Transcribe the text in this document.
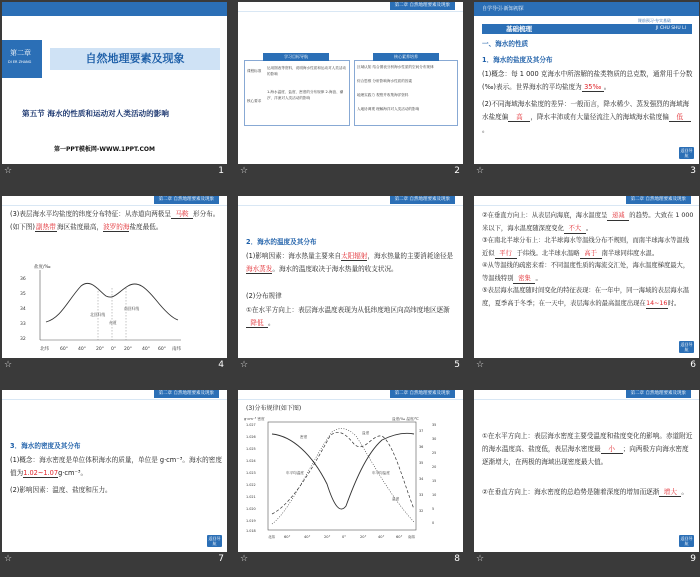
第二章
DI ER ZHANG	自然地理要素及现象
第五节 海水的性质和运动对人类活动的影响
第一PPT模板网-WWW.1PPT.COM
☆	1
第二章 自然地理要素及现象
学习目标导航
课程标准
运用图表等资料，说明海水性质和运动对人类活动的影响
核心要求
1.海水温度、盐度、密度的分布规律 2.海浪、潮汐、洋流对人类活动的影响
核心素养培养
区域认知 结合图表分析海水性质的空间分布规律
综合思维 分析影响海水性质的因素
地理实践力 观察并收集海洋资料
人地协调观 理解海洋对人类活动的影响
☆	2
自学导引·新知初探
课前预习·夯实基础
基础梳理	JI CHU SHU LI
一、海水的性质
1．海水的盐度及其分布
(1)概念：每 1 000 克海水中所溶解的盐类物质的总克数，通常用千分数(‰)表示。世界海水的平均盐度为 35‰ 。
(2)不同海域海水盐度的差异：一般而言，降水稀少、蒸发强烈的海域海水盐度偏 高 ，降水丰沛或有大量径流注入的海域海水盐度偏 低。
返回导航
☆	3
第二章 自然地理要素及现象
(3)表层海水平均盐度的纬度分布特征：从赤道向两极呈 马鞍 形分布。(如下图)副热带海区盐度最高，波罗的海盐度最低。
盐度/‰
36
35
34
33
32
北回归线
赤道
南回归线
北纬 60° 40° 20° 0° 20° 40° 60° 南纬
☆	4
第二章 自然地理要素及现象
2．海水的温度及其分布
(1)影响因素：海水热量主要来自太阳辐射，海水热量的主要消耗途径是海水蒸发。海水的温度取决于海水热量的收支状况。
(2)分布规律
①在水平方向上：表层海水温度表现为从低纬度地区向高纬度地区逐渐降低 。
☆	5
第二章 自然地理要素及现象
②在垂直方向上：从表层向海底，海水温度呈 递减 的趋势。大致在 1 000 米以下，海水温度随深度变化 不大 。
③在南北半球分布上：北半球海水等温线分布不规则，而南半球海水等温线近似 平行 于纬线。北半球水温略 高于 南半球同纬度水温。
④从等温线的疏密来看：不同温度性质的海流交汇处，海水温度梯度最大，等温线特别 密集 。
⑤表层海水温度随时间变化的特征表现：在一年中，同一海域的表层海水温度，夏季高于冬季；在一天中，表层海水的最高温度出现在14~16时。
返回导航
☆	6
第二章 自然地理要素及现象
3．海水的密度及其分布
(1)概念：海水密度是单位体积海水的质量，单位是 g·cm⁻³。海水的密度值为1.02~1.07g·cm⁻³。
(2)影响因素：温度、盐度和压力。
返回导航
☆	7
第二章 自然地理要素及现象
(3)分布规律(如下图)
g·cm⁻³ 密度	盐度/‰ 温度/℃
1.027
1.026
1.025
1.024
1.023
1.022
1.021
1.020
1.019
1.018
37
36
35
34
33
32
35
30
25
20
15
10
5
0
密度
盐度
年平均温度	年平均盐度
温度
北纬 60°	40°	20°	0°	20°	40°	60° 南纬
☆	8
第二章 自然地理要素及现象
①在水平方向上：表层海水密度主要受温度和盐度变化的影响。赤道附近的海水温度高、盐度低，表层海水密度最 小 ；向两极方向海水密度逐渐增大，在两极的海域出现密度最大值。
②在垂直方向上：海水密度的总趋势是随着深度的增加而逐渐 增大 。
返回导航
☆	9
